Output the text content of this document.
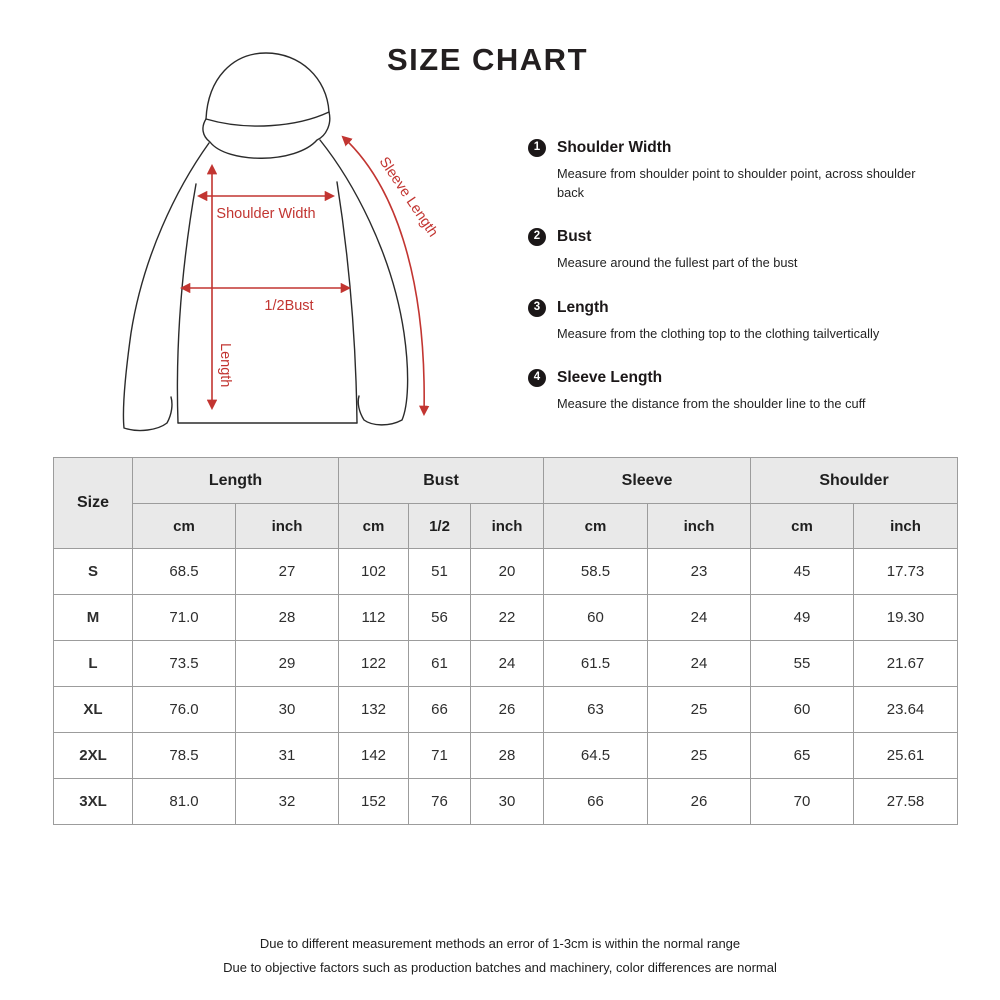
SIZE CHART
Shoulder Width
1/2Bust
Length
Sleeve Length
1	Shoulder Width

Measure from shoulder point to shoulder point, across shoulder back

2	Bust

Measure around the fullest part of the bust

3	Length

Measure from the clothing top to the clothing tailvertically

4	Sleeve Length

Measure the distance from the shoulder line to the cuff

Size	Length		Bust			Sleeve		Shoulder	
	cm	inch	cm	1/2	inch	cm	inch	cm	inch
S	68.5	27	102	51	20	58.5	23	45	17.73
M	71.0	28	112	56	22	60	24	49	19.30
L	73.5	29	122	61	24	61.5	24	55	21.67
XL	76.0	30	132	66	26	63	25	60	23.64
2XL	78.5	31	142	71	28	64.5	25	65	25.61
3XL	81.0	32	152	76	30	66	26	70	27.58

Due to different measurement methods an error of 1-3cm is within the normal range

Due to objective factors such as production batches and machinery, color differences are normal
